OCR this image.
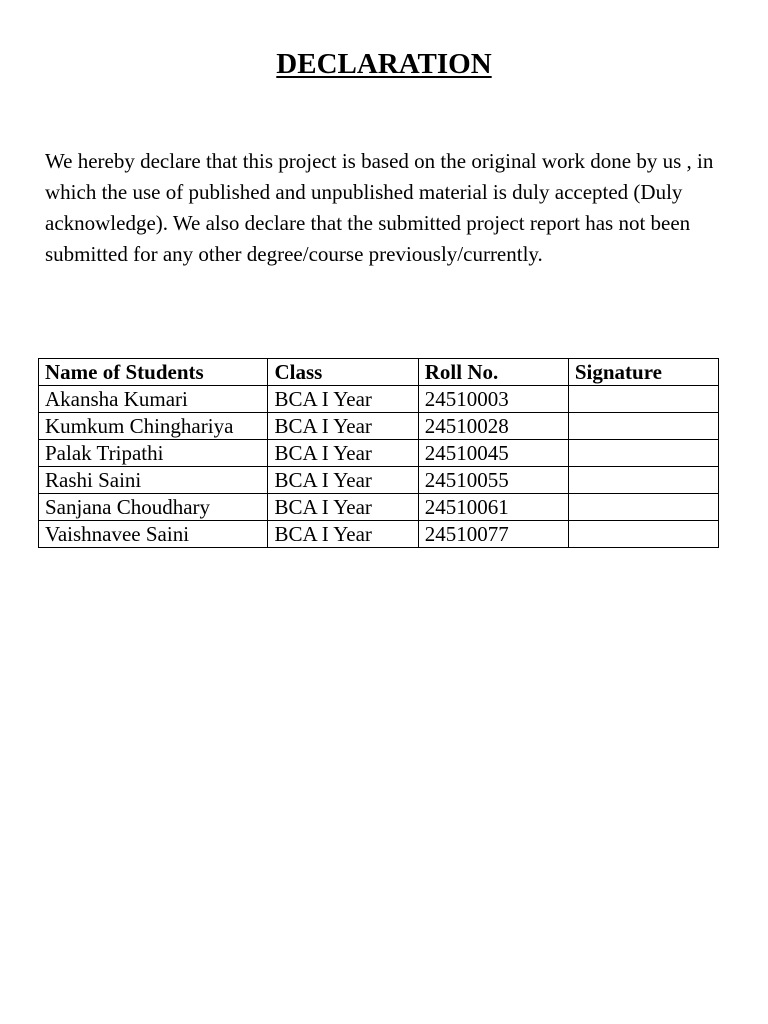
DECLARATION

We hereby declare that this project is based on the original work done by us , in which the use of published and unpublished material is duly accepted (Duly acknowledge). We also declare that the submitted project report has not been submitted for any other degree/course previously/currently.

Name of Students	Class	Roll No.	Signature
Akansha Kumari	BCA I Year	24510003	
Kumkum Chinghariya	BCA I Year	24510028	
Palak Tripathi	BCA I Year	24510045	
Rashi Saini	BCA I Year	24510055	
Sanjana Choudhary	BCA I Year	24510061	
Vaishnavee Saini	BCA I Year	24510077	
